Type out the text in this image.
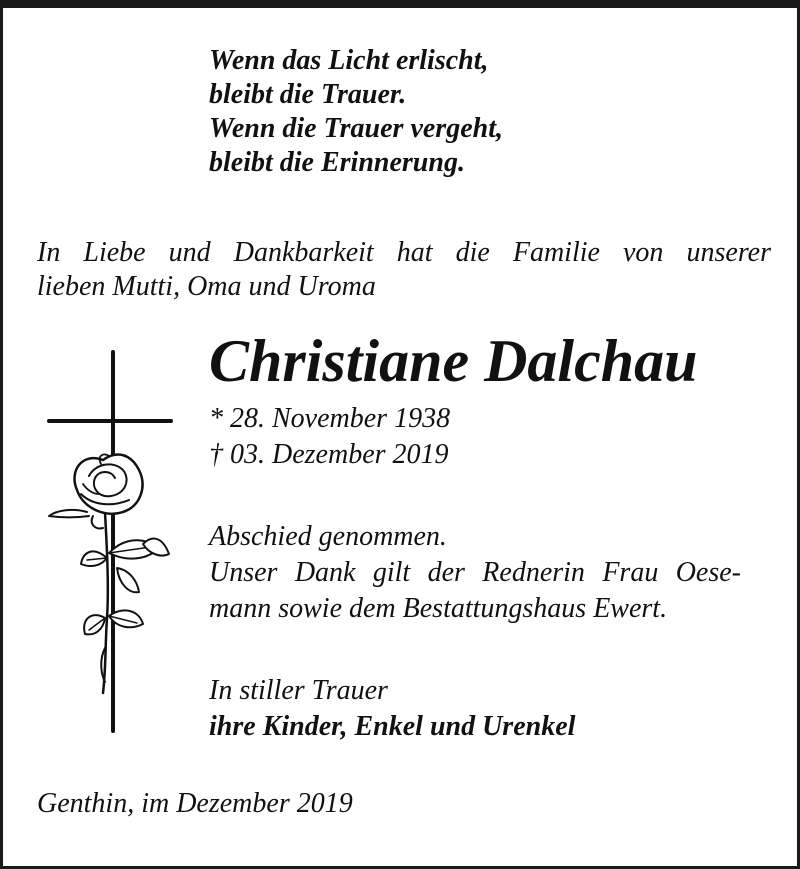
Wenn das Licht erlischt,
bleibt die Trauer.
Wenn die Trauer vergeht,
bleibt die Erinnerung.
In Liebe und Dankbarkeit hat die Familie von unserer
lieben Mutti, Oma und Uroma
Christiane Dalchau
* 28. November 1938
† 03. Dezember 2019
Abschied genommen.
Unser Dank gilt der Rednerin Frau Oese-
mann sowie dem Bestattungshaus Ewert.
In stiller Trauer
ihre Kinder, Enkel und Urenkel
Genthin, im Dezember 2019
